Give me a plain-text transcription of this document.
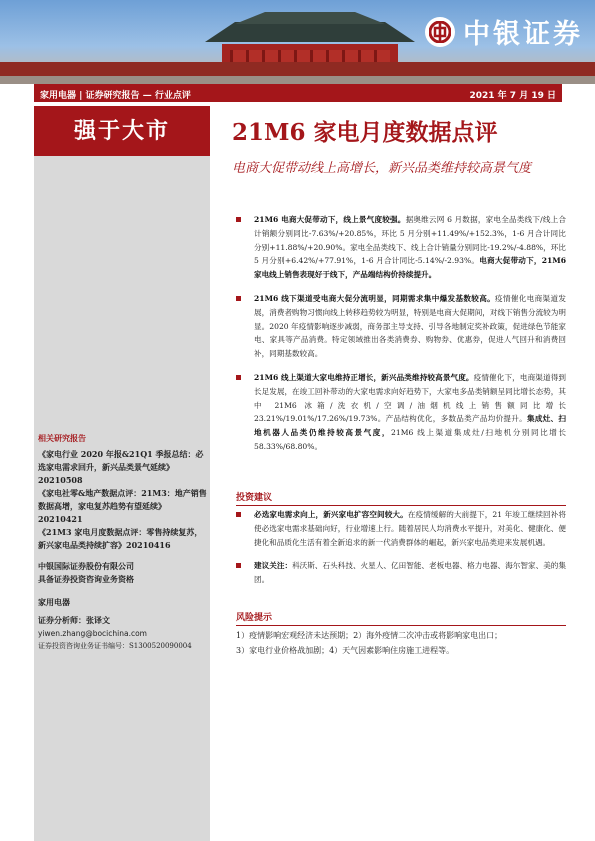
中银证券
家用电器 | 证券研究报告 — 行业点评	2021 年 7 月 19 日
强于大市	21M6 家电月度数据点评
电商大促带动线上高增长，新兴品类维持较高景气度
21M6 电商大促带动下，线上景气度较强。据奥维云网 6 月数据，家电全品类线下/线上合计销额分别同比-7.63%/+20.85%，环比 5 月分别+11.49%/+152.3%，1-6 月合计同比分别+11.88%/+20.90%。家电全品类线下、线上合计销量分别同比-19.2%/-4.88%，环比 5 月分别+6.42%/+77.91%，1-6 月合计同比-5.14%/-2.93%。电商大促带动下，21M6 家电线上销售表现好于线下，产品端结构价持续提升。
21M6 线下渠道受电商大促分流明显，同期需求集中爆发基数较高。疫情催化电商渠道发展，消费者购物习惯向线上转移趋势较为明显，特别是电商大促期间，对线下销售分流较为明显。2020 年疫情影响逐步减弱，商务部主导支持、引导各地制定奖补政策，促进绿色节能家电、家具等产品消费。特定领域推出各类消费券、购物券、优惠券，促进人气回升和消费回补，同期基数较高。
21M6 线上渠道大家电维持正增长，新兴品类维持较高景气度。疫情催化下，电商渠道得到长足发展，在竣工回补带动的大家电需求向好趋势下，大家电多品类销额呈同比增长态势，其中 21M6 冰箱/洗衣机/空调/油烟机线上销售额同比增长 23.21%/19.01%/17.26%/19.73%。产品结构优化，多数品类产品均价提升。集成灶、扫地机器人品类仍维持较高景气度，21M6 线上渠道集成灶/扫地机分别同比增长 58.33%/68.80%。
投资建议
必选家电需求向上，新兴家电扩容空间较大。在疫情缓解的大前提下，21 年竣工继续回补将使必选家电需求基础向好，行业增速上行。随着居民人均消费水平提升，对美化、健康化、便捷化和品质化生活有着全新追求的新一代消费群体的崛起，新兴家电品类迎来发展机遇。
建议关注：科沃斯、石头科技、火星人、亿田智能、老板电器、格力电器、海尔智家、美的集团。
风险提示
1）疫情影响宏观经济未达预期；2）海外疫情二次冲击或将影响家电出口；
3）家电行业价格战加剧；4）天气因素影响住房施工进程等。
相关研究报告
《家电行业 2020 年报&21Q1 季报总结：必选家电需求回升，新兴品类景气延续》20210508
《家电社零&地产数据点评：21M3：地产销售数据高增，家电复苏趋势有望延续》20210421
《21M3 家电月度数据点评：零售持续复苏，新兴家电品类持续扩容》20210416
中银国际证券股份有限公司
具备证券投资咨询业务资格
家用电器
证券分析师：张译文
yiwen.zhang@bocichina.com
证券投资咨询业务证书编号：S1300520090004
